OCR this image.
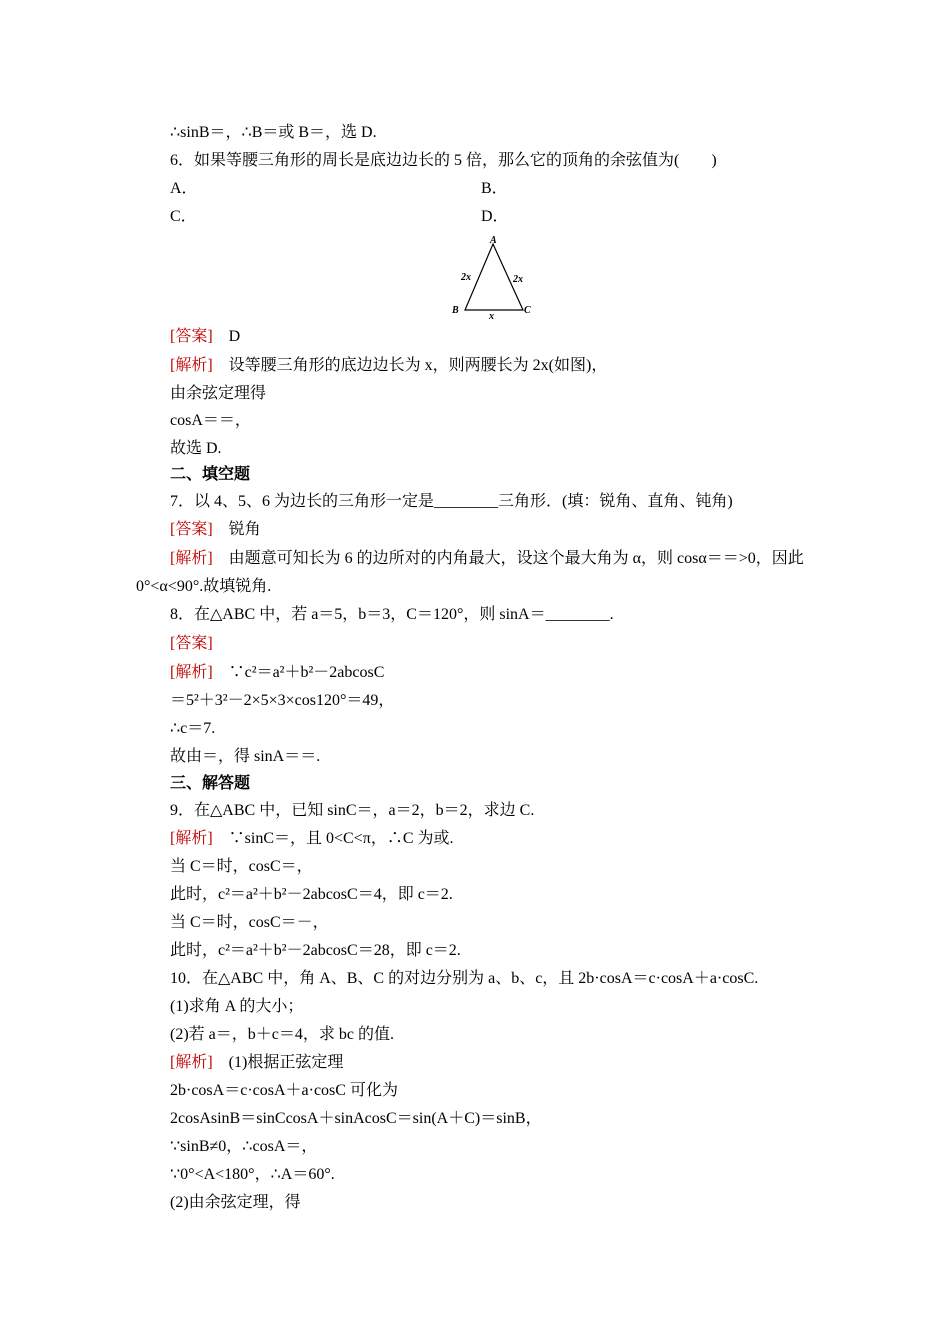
∴sinB＝，∴B＝或 B＝，选 D.
6．如果等腰三角形的周长是底边边长的 5 倍，那么它的顶角的余弦值为(　　)
A．	B．
C．	D．
A
B	C
2x	2x
x
[答案]　D
[解析]　设等腰三角形的底边边长为 x，则两腰长为 2x(如图)，
由余弦定理得
cosA＝＝，
故选 D.
二、填空题
7．以 4、5、6 为边长的三角形一定是________三角形．(填：锐角、直角、钝角)
[答案]　锐角
[解析]　由题意可知长为 6 的边所对的内角最大，设这个最大角为 α，则 cosα＝＝>0，因此
0°<α<90°.故填锐角.
8．在△ABC 中，若 a＝5，b＝3，C＝120°，则 sinA＝________.
[答案]
[解析]　∵c²＝a²＋b²－2abcosC
＝5²＋3²－2×5×3×cos120°＝49，
∴c＝7.
故由＝，得 sinA＝＝.
三、解答题
9．在△ABC 中，已知 sinC＝，a＝2，b＝2，求边 C.
[解析]　∵sinC＝，且 0<C<π，∴C 为或.
当 C＝时，cosC＝，
此时，c²＝a²＋b²－2abcosC＝4，即 c＝2.
当 C＝时，cosC＝－，
此时，c²＝a²＋b²－2abcosC＝28，即 c＝2.
10．在△ABC 中，角 A、B、C 的对边分别为 a、b、c，且 2b·cosA＝c·cosA＋a·cosC.
(1)求角 A 的大小；
(2)若 a＝，b＋c＝4，求 bc 的值.
[解析]　(1)根据正弦定理
2b·cosA＝c·cosA＋a·cosC 可化为
2cosAsinB＝sinCcosA＋sinAcosC＝sin(A＋C)＝sinB，
∵sinB≠0，∴cosA＝，
∵0°<A<180°，∴A＝60°.
(2)由余弦定理，得
